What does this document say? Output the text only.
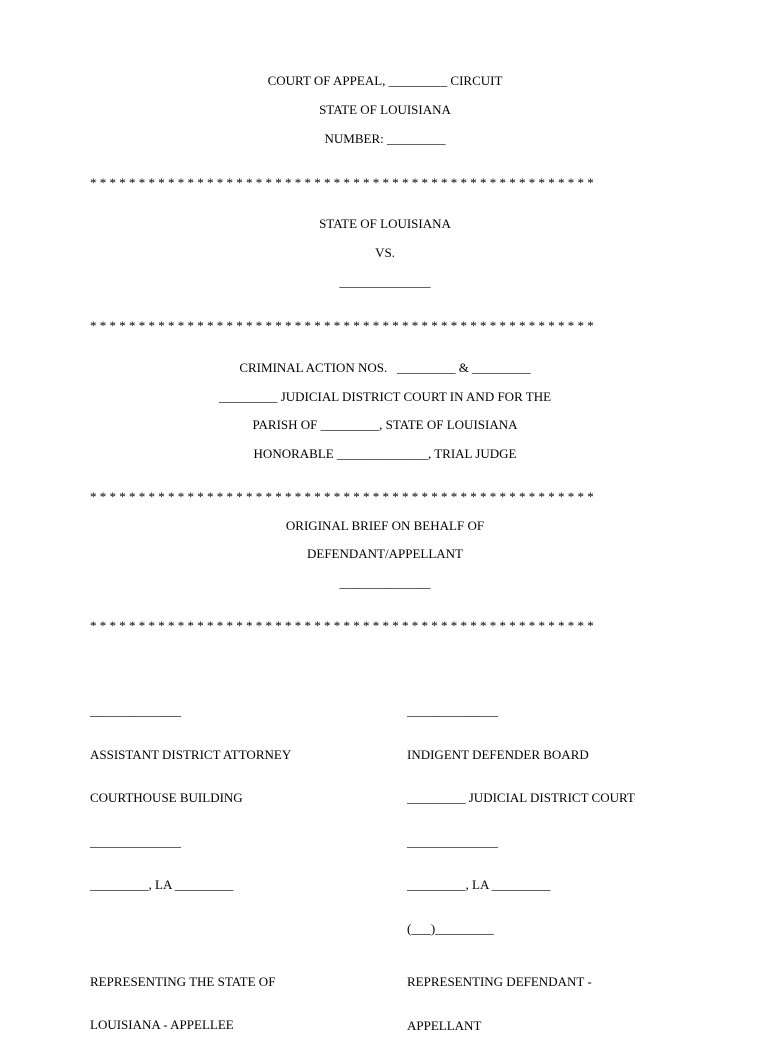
COURT OF APPEAL, _________ CIRCUIT
STATE OF LOUISIANA
NUMBER: _________
* * * * * * * * * * * * * * * * * * * * * * * * * * * * * * * * * * * * * * * * * * * * * * * * * * * *
STATE OF LOUISIANA
VS.
______________
* * * * * * * * * * * * * * * * * * * * * * * * * * * * * * * * * * * * * * * * * * * * * * * * * * * *
CRIMINAL ACTION NOS.   _________ & _________
_________ JUDICIAL DISTRICT COURT IN AND FOR THE
PARISH OF _________, STATE OF LOUISIANA
HONORABLE ______________, TRIAL JUDGE
* * * * * * * * * * * * * * * * * * * * * * * * * * * * * * * * * * * * * * * * * * * * * * * * * * * *
ORIGINAL BRIEF ON BEHALF OF
DEFENDANT/APPELLANT
______________
* * * * * * * * * * * * * * * * * * * * * * * * * * * * * * * * * * * * * * * * * * * * * * * * * * * *

______________

ASSISTANT DISTRICT ATTORNEY

COURTHOUSE BUILDING

______________

_________, LA _________

REPRESENTING THE STATE OF

LOUISIANA - APPELLEE

______________

INDIGENT DEFENDER BOARD

_________ JUDICIAL DISTRICT COURT

______________

_________, LA _________

(___)_________

REPRESENTING DEFENDANT -

APPELLANT
